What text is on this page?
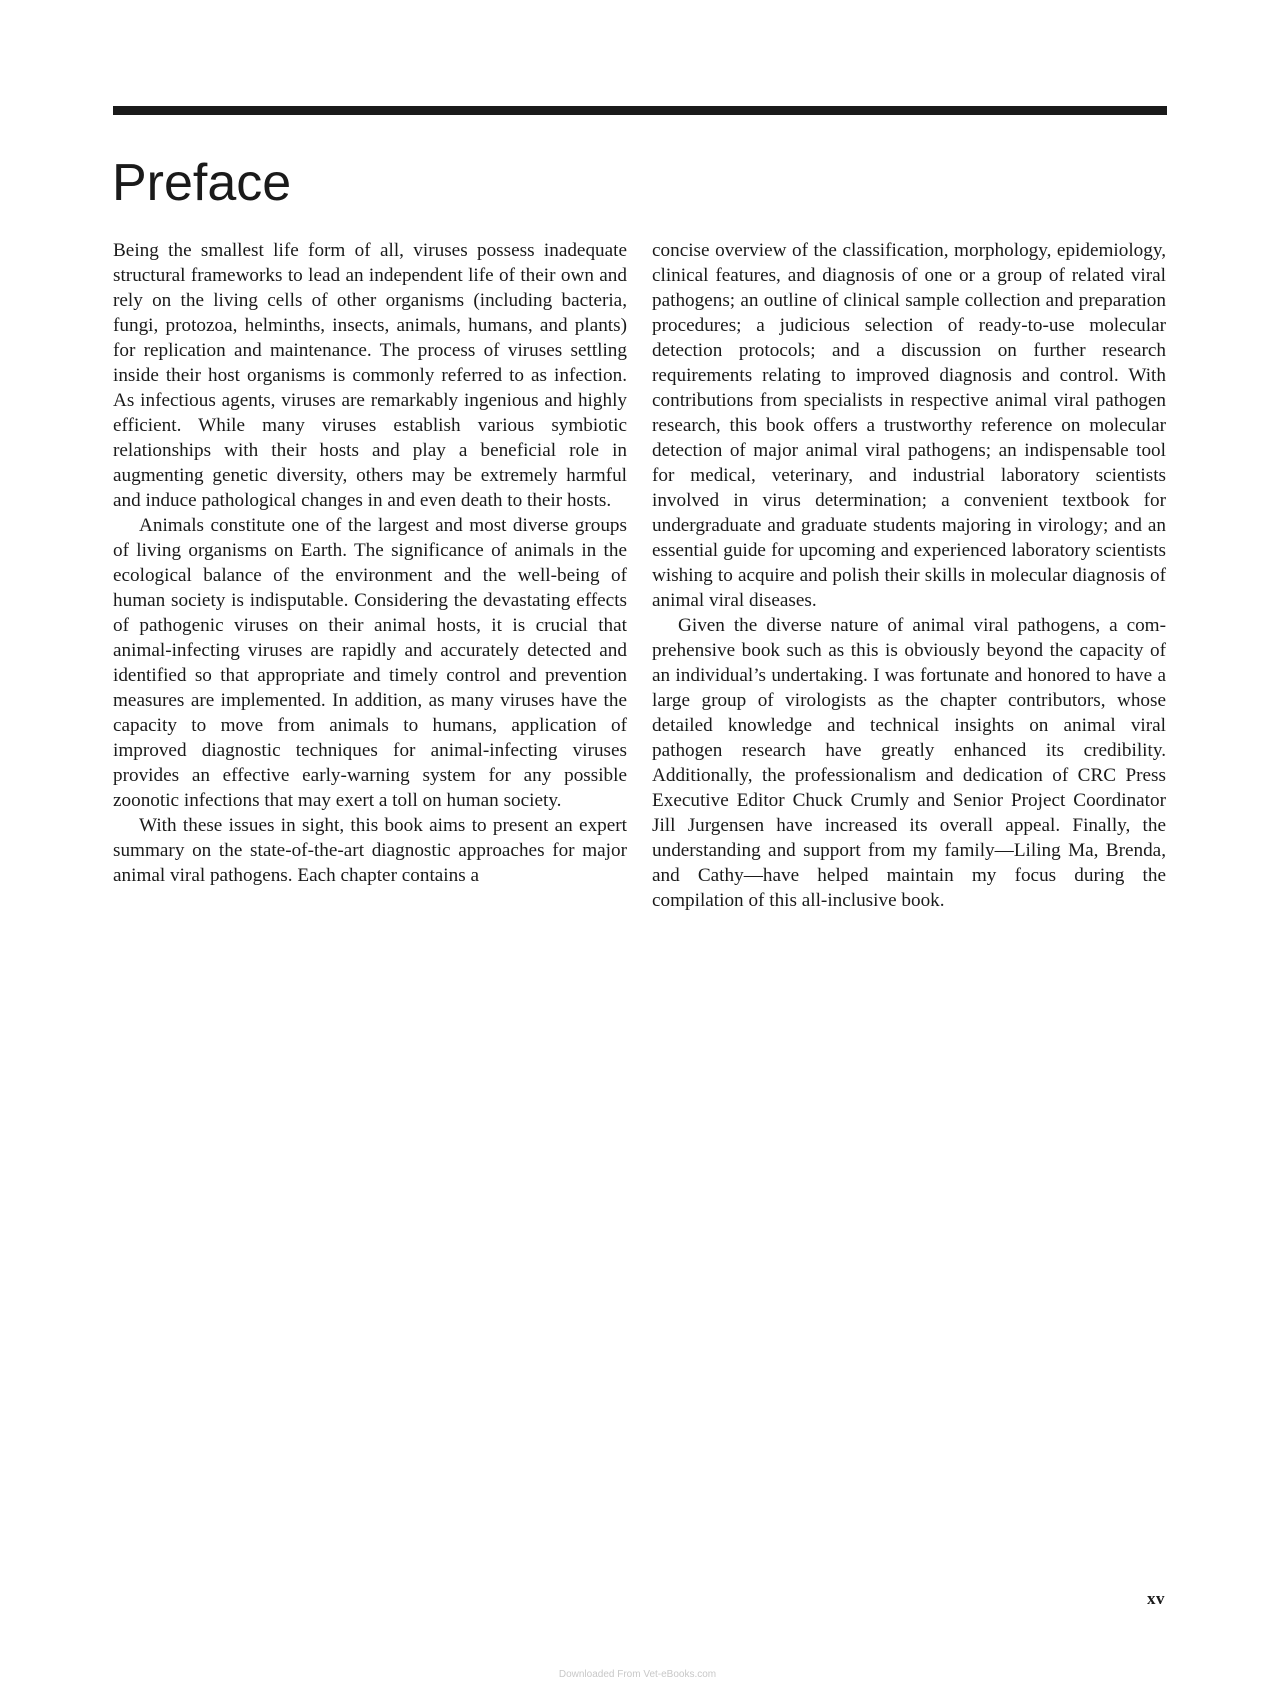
Preface

Being the smallest life form of all, viruses possess inadequate structural frameworks to lead an independent life of their own and rely on the living cells of other organisms (including bacteria, fungi, protozoa, helminths, insects, animals, humans, and plants) for replication and maintenance. The process of viruses settling inside their host organisms is commonly referred to as infection. As infectious agents, viruses are remarkably ingenious and highly efficient. While many viruses establish various symbiotic relationships with their hosts and play a beneficial role in augmenting genetic diversity, others may be extremely harmful and induce pathological changes in and even death to their hosts.

Animals constitute one of the largest and most diverse groups of living organisms on Earth. The significance of animals in the ecological balance of the environment and the well-being of human society is indisputable. Considering the devastating effects of pathogenic viruses on their animal hosts, it is crucial that animal-infecting viruses are rapidly and accurately detected and identified so that appropriate and timely control and prevention measures are implemented. In addition, as many viruses have the capacity to move from animals to humans, application of improved diagnostic techniques for animal-infecting viruses provides an effective early-warning system for any possible zoonotic infections that may exert a toll on human society.

With these issues in sight, this book aims to present an expert summary on the state-of-the-art diagnostic approaches for major animal viral pathogens. Each chapter contains a

concise overview of the classification, morphology, epidemiology, clinical features, and diagnosis of one or a group of related viral pathogens; an outline of clinical sample collection and preparation procedures; a judicious selection of ready-to-use molecular detection protocols; and a discussion on further research requirements relating to improved diagnosis and control. With contributions from specialists in respective animal viral pathogen research, this book offers a trustworthy reference on molecular detection of major animal viral pathogens; an indispensable tool for medical, veterinary, and industrial laboratory scientists involved in virus determination; a convenient textbook for undergraduate and graduate students majoring in virology; and an essential guide for upcoming and experienced laboratory scientists wishing to acquire and polish their skills in molecular diagnosis of animal viral diseases.

Given the diverse nature of animal viral pathogens, a comprehensive book such as this is obviously beyond the capacity of an individual’s undertaking. I was fortunate and honored to have a large group of virologists as the chapter contributors, whose detailed knowledge and technical insights on animal viral pathogen research have greatly enhanced its credibility. Additionally, the professionalism and dedication of CRC Press Executive Editor Chuck Crumly and Senior Project Coordinator Jill Jurgensen have increased its overall appeal. Finally, the understanding and support from my family—Liling Ma, Brenda, and Cathy—have helped maintain my focus during the compilation of this all-inclusive book.

xv
Downloaded From Vet-eBooks.com
